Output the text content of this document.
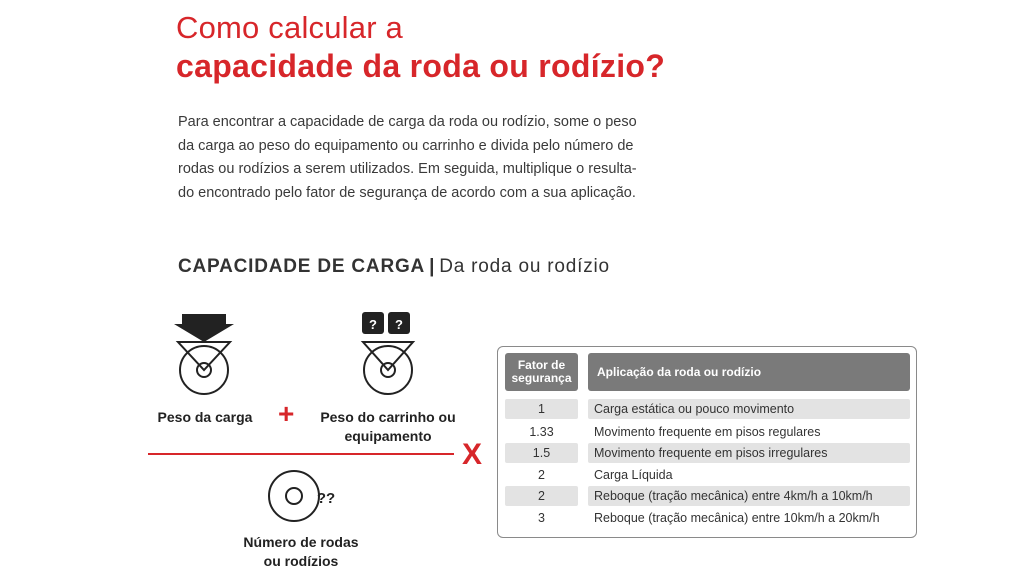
Como calcular a
capacidade da roda ou rodízio?
Para encontrar a capacidade de carga da roda ou rodízio, some o peso
da carga ao peso do equipamento ou carrinho e divida pelo número de
rodas ou rodízios a serem utilizados. Em seguida, multiplique o resulta-
do encontrado pelo fator de segurança de acordo com a sua aplicação.
CAPACIDADE DE CARGA | Da roda ou rodízio
Peso da carga +
?	?
Peso do carrinho ou
equipamento
X
??
Número de rodas
ou rodízios
Fator de
segurança	Aplicação da roda ou rodízio
1	Carga estática ou pouco movimento
1.33	Movimento frequente em pisos regulares
1.5	Movimento frequente em pisos irregulares
2	Carga Líquida
2	Reboque (tração mecânica) entre 4km/h a 10km/h
3	Reboque (tração mecânica) entre 10km/h a 20km/h
